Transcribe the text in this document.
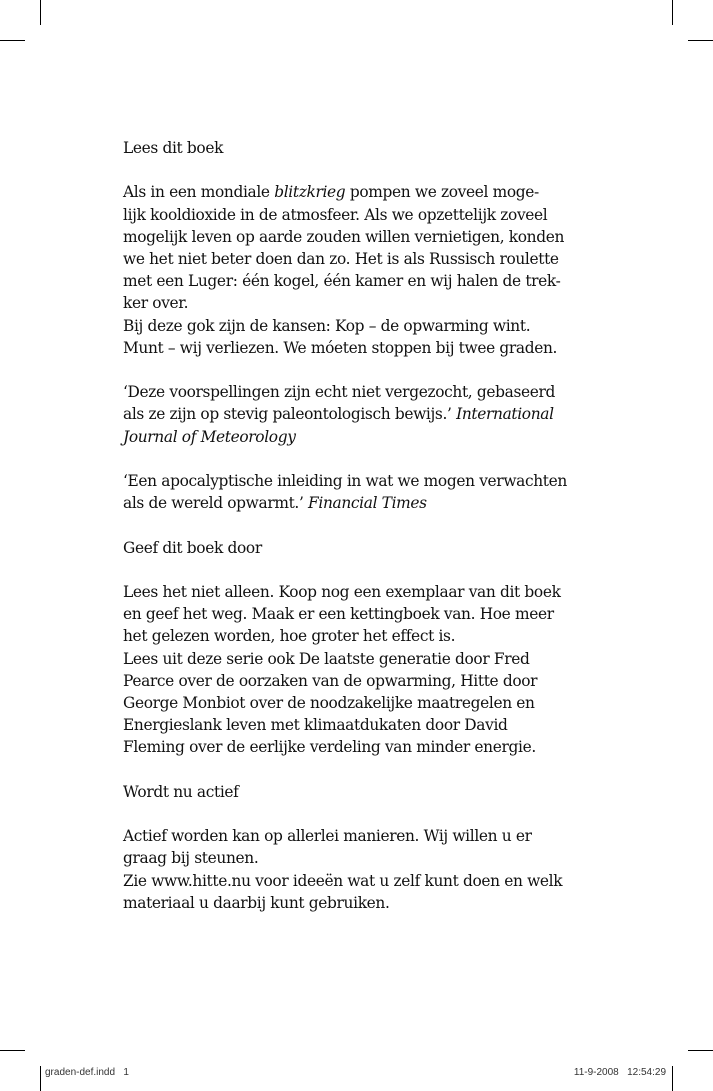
Lees dit boek

Als in een mondiale blitzkrieg pompen we zoveel moge-
lijk kooldioxide in de atmosfeer. Als we opzettelijk zoveel
mogelijk leven op aarde zouden willen vernietigen, konden
we het niet beter doen dan zo. Het is als Russisch roulette
met een Luger: één kogel, één kamer en wij halen de trek-
ker over.
Bij deze gok zijn de kansen: Kop – de opwarming wint.
Munt – wij verliezen. We móeten stoppen bij twee graden.

‘Deze voorspellingen zijn echt niet vergezocht, gebaseerd
als ze zijn op stevig paleontologisch bewijs.’ International
Journal of Meteorology

‘Een apocalyptische inleiding in wat we mogen verwachten
als de wereld opwarmt.’ Financial Times

Geef dit boek door

Lees het niet alleen. Koop nog een exemplaar van dit boek
en geef het weg. Maak er een kettingboek van. Hoe meer
het gelezen worden, hoe groter het effect is.
Lees uit deze serie ook De laatste generatie door Fred
Pearce over de oorzaken van de opwarming, Hitte door
George Monbiot over de noodzakelijke maatregelen en
Energieslank leven met klimaatdukaten door David
Fleming over de eerlijke verdeling van minder energie.

Wordt nu actief

Actief worden kan op allerlei manieren. Wij willen u er
graag bij steunen.
Zie www.hitte.nu voor ideeën wat u zelf kunt doen en welk
materiaal u daarbij kunt gebruiken.

graden-def.indd   1	11-9-2008   12:54:29
